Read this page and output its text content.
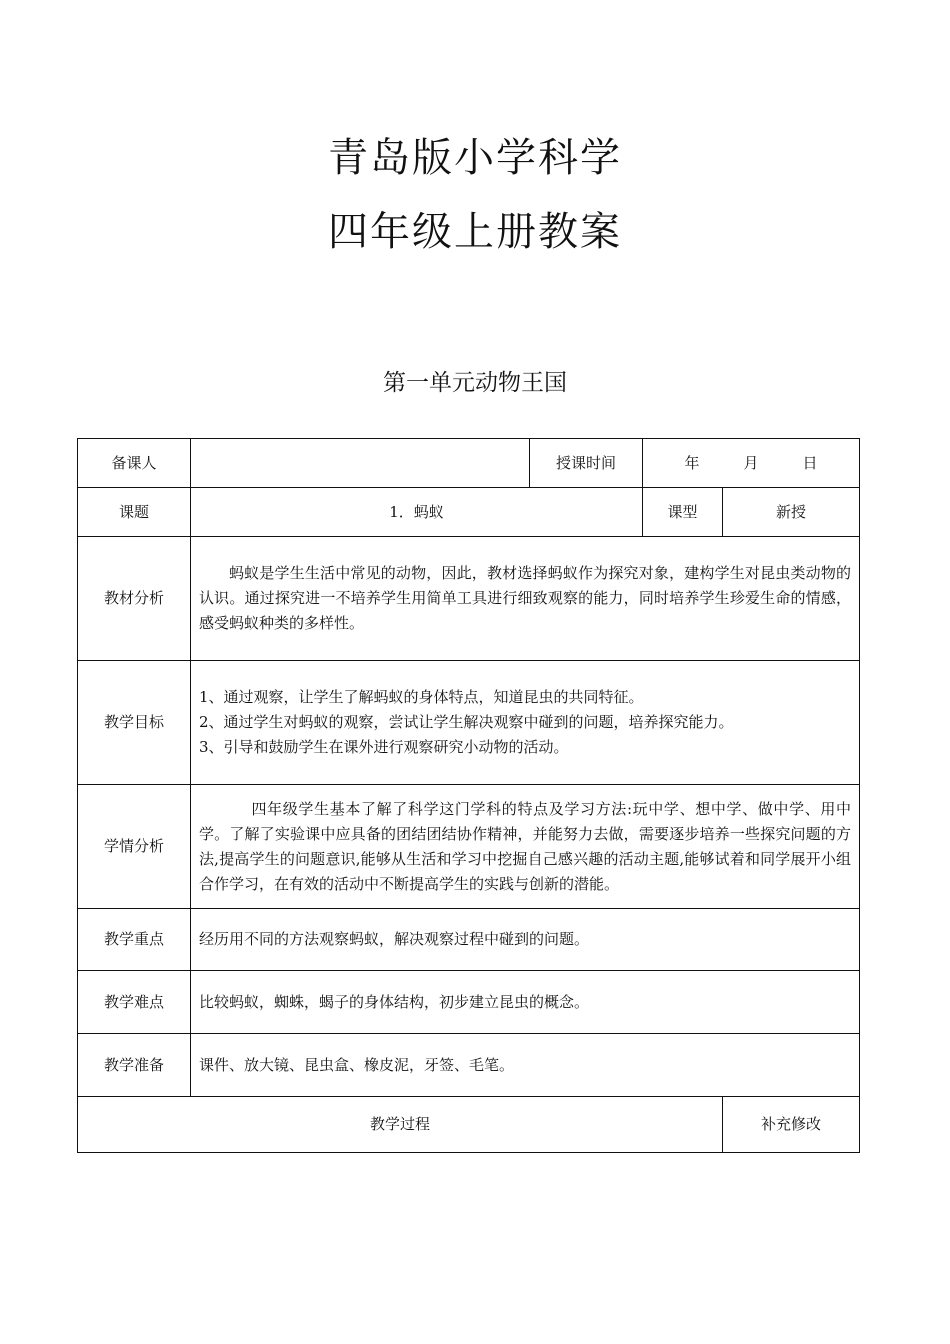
青岛版小学科学
四年级上册教案
第一单元动物王国
备课人		授课时间	年 月 日	
课题	1．蚂蚁		课型	新授
教材分析	蚂蚁是学生生活中常见的动物，因此，教材选择蚂蚁作为探究对象，建构学生对昆虫类动物的认识。通过探究进一不培养学生用简单工具进行细致观察的能力，同时培养学生珍爱生命的情感，感受蚂蚁种类的多样性。			

教学目标	1、通过观察，让学生了解蚂蚁的身体特点，知道昆虫的共同特征。

2、通过学生对蚂蚁的观察，尝试让学生解决观察中碰到的问题，培养探究能力。

3、引导和鼓励学生在课外进行观察研究小动物的活动。			

学情分析	四年级学生基本了解了科学这门学科的特点及学习方法:玩中学、想中学、做中学、用中学。了解了实验课中应具备的团结团结协作精神，并能努力去做，需要逐步培养一些探究问题的方法,提高学生的问题意识,能够从生活和学习中挖掘自己感兴趣的活动主题,能够试着和同学展开小组合作学习，在有效的活动中不断提高学生的实践与创新的潜能。			

教学重点	经历用不同的方法观察蚂蚁，解决观察过程中碰到的问题。			
教学难点	比较蚂蚁，蜘蛛，蝎子的身体结构，初步建立昆虫的概念。			
教学准备	课件、放大镜、昆虫盒、橡皮泥，牙签、毛笔。			
教学过程				补充修改
